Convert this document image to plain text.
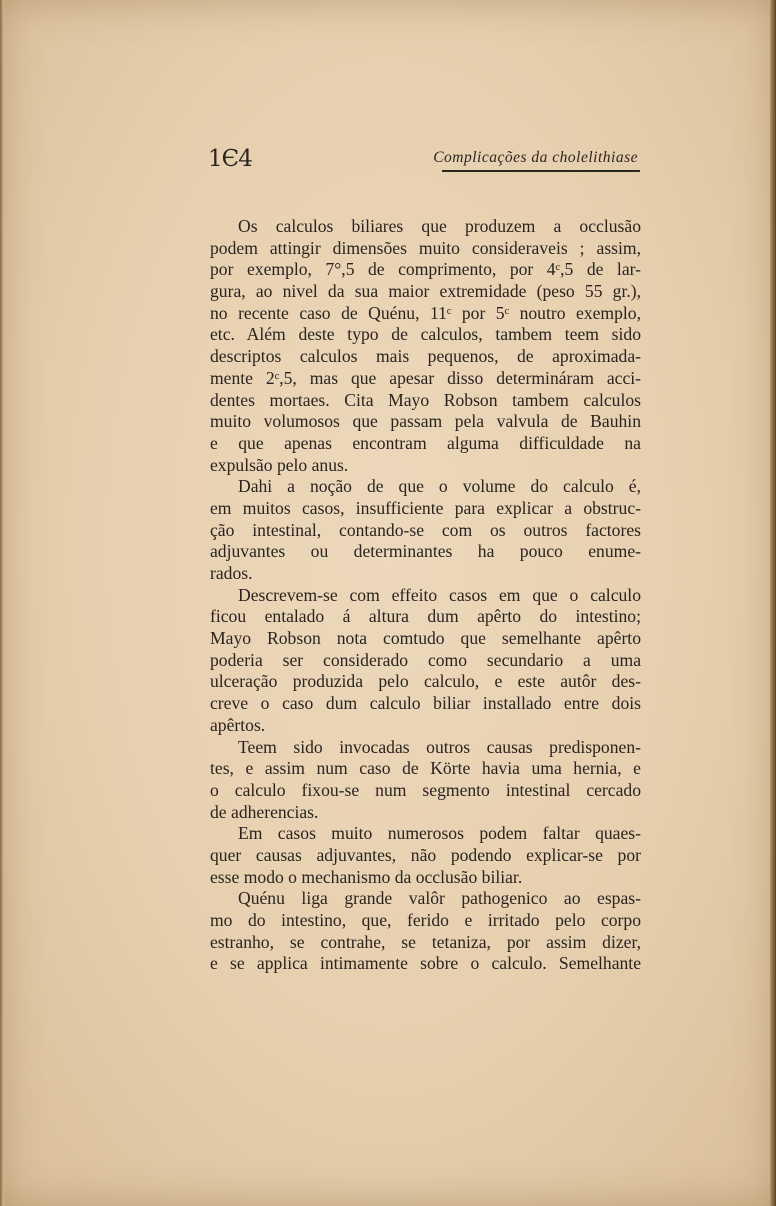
1Є4	Complicações da cholelithiase
Os calculos biliares que produzem a occlusão
podem attingir dimensões muito consideraveis ; assim,
por exemplo, 7°,5 de comprimento, por 4ᶜ,5 de lar-
gura, ao nivel da sua maior extremidade (peso 55 gr.),
no recente caso de Quénu, 11ᶜ por 5ᶜ noutro exemplo,
etc. Além deste typo de calculos, tambem teem sido
descriptos calculos mais pequenos, de aproximada-
mente 2ᶜ,5, mas que apesar disso determináram acci-
dentes mortaes. Cita Mayo Robson tambem calculos
muito volumosos que passam pela valvula de Bauhin
e que apenas encontram alguma difficuldade na
expulsão pelo anus.
Dahi a noção de que o volume do calculo é,
em muitos casos, insufficiente para explicar a obstruc-
ção intestinal, contando-se com os outros factores
adjuvantes ou determinantes ha pouco enume-
rados.
Descrevem-se com effeito casos em que o calculo
ficou entalado á altura dum apêrto do intestino;
Mayo Robson nota comtudo que semelhante apêrto
poderia ser considerado como secundario a uma
ulceração produzida pelo calculo, e este autôr des-
creve o caso dum calculo biliar installado entre dois
apêrtos.
Teem sido invocadas outros causas predisponen-
tes, e assim num caso de Körte havia uma hernia, e
o calculo fixou-se num segmento intestinal cercado
de adherencias.
Em casos muito numerosos podem faltar quaes-
quer causas adjuvantes, não podendo explicar-se por
esse modo o mechanismo da occlusão biliar.
Quénu liga grande valôr pathogenico ao espas-
mo do intestino, que, ferido e irritado pelo corpo
estranho, se contrahe, se tetaniza, por assim dizer,
e se applica intimamente sobre o calculo. Semelhante
